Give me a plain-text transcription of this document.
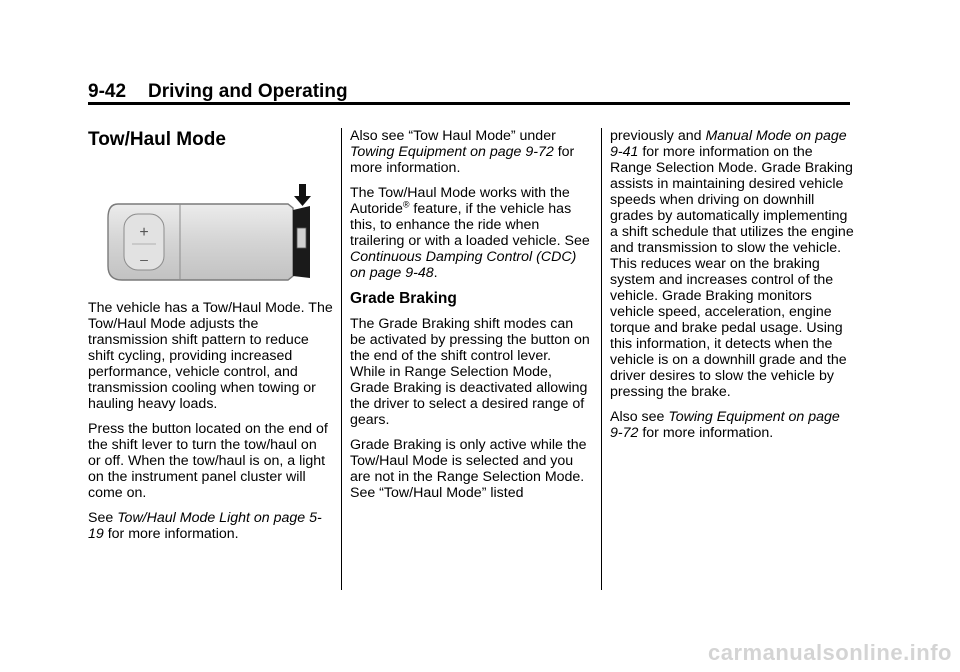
9-42 Driving and Operating
Tow/Haul Mode
+
–

The vehicle has a Tow/Haul Mode. The Tow/Haul Mode adjusts the transmission shift pattern to reduce shift cycling, providing increased performance, vehicle control, and transmission cooling when towing or hauling heavy loads.

Press the button located on the end of the shift lever to turn the tow/haul on or off. When the tow/haul is on, a light on the instrument panel cluster will come on.

See Tow/Haul Mode Light on page 5-19 for more information.

Also see “Tow Haul Mode” under Towing Equipment on page 9-72 for more information.

The Tow/Haul Mode works with the Autoride® feature, if the vehicle has this, to enhance the ride when trailering or with a loaded vehicle. See Continuous Damping Control (CDC) on page 9-48.

Grade Braking

The Grade Braking shift modes can be activated by pressing the button on the end of the shift control lever. While in Range Selection Mode, Grade Braking is deactivated allowing the driver to select a desired range of gears.

Grade Braking is only active while the Tow/Haul Mode is selected and you are not in the Range Selection Mode. See “Tow/Haul Mode” listed

previously and Manual Mode on page 9-41 for more information on the Range Selection Mode. Grade Braking assists in maintaining desired vehicle speeds when driving on downhill grades by automatically implementing a shift schedule that utilizes the engine and transmission to slow the vehicle. This reduces wear on the braking system and increases control of the vehicle. Grade Braking monitors vehicle speed, acceleration, engine torque and brake pedal usage. Using this information, it detects when the vehicle is on a downhill grade and the driver desires to slow the vehicle by pressing the brake.

Also see Towing Equipment on page 9-72 for more information.

carmanualsonline.info
